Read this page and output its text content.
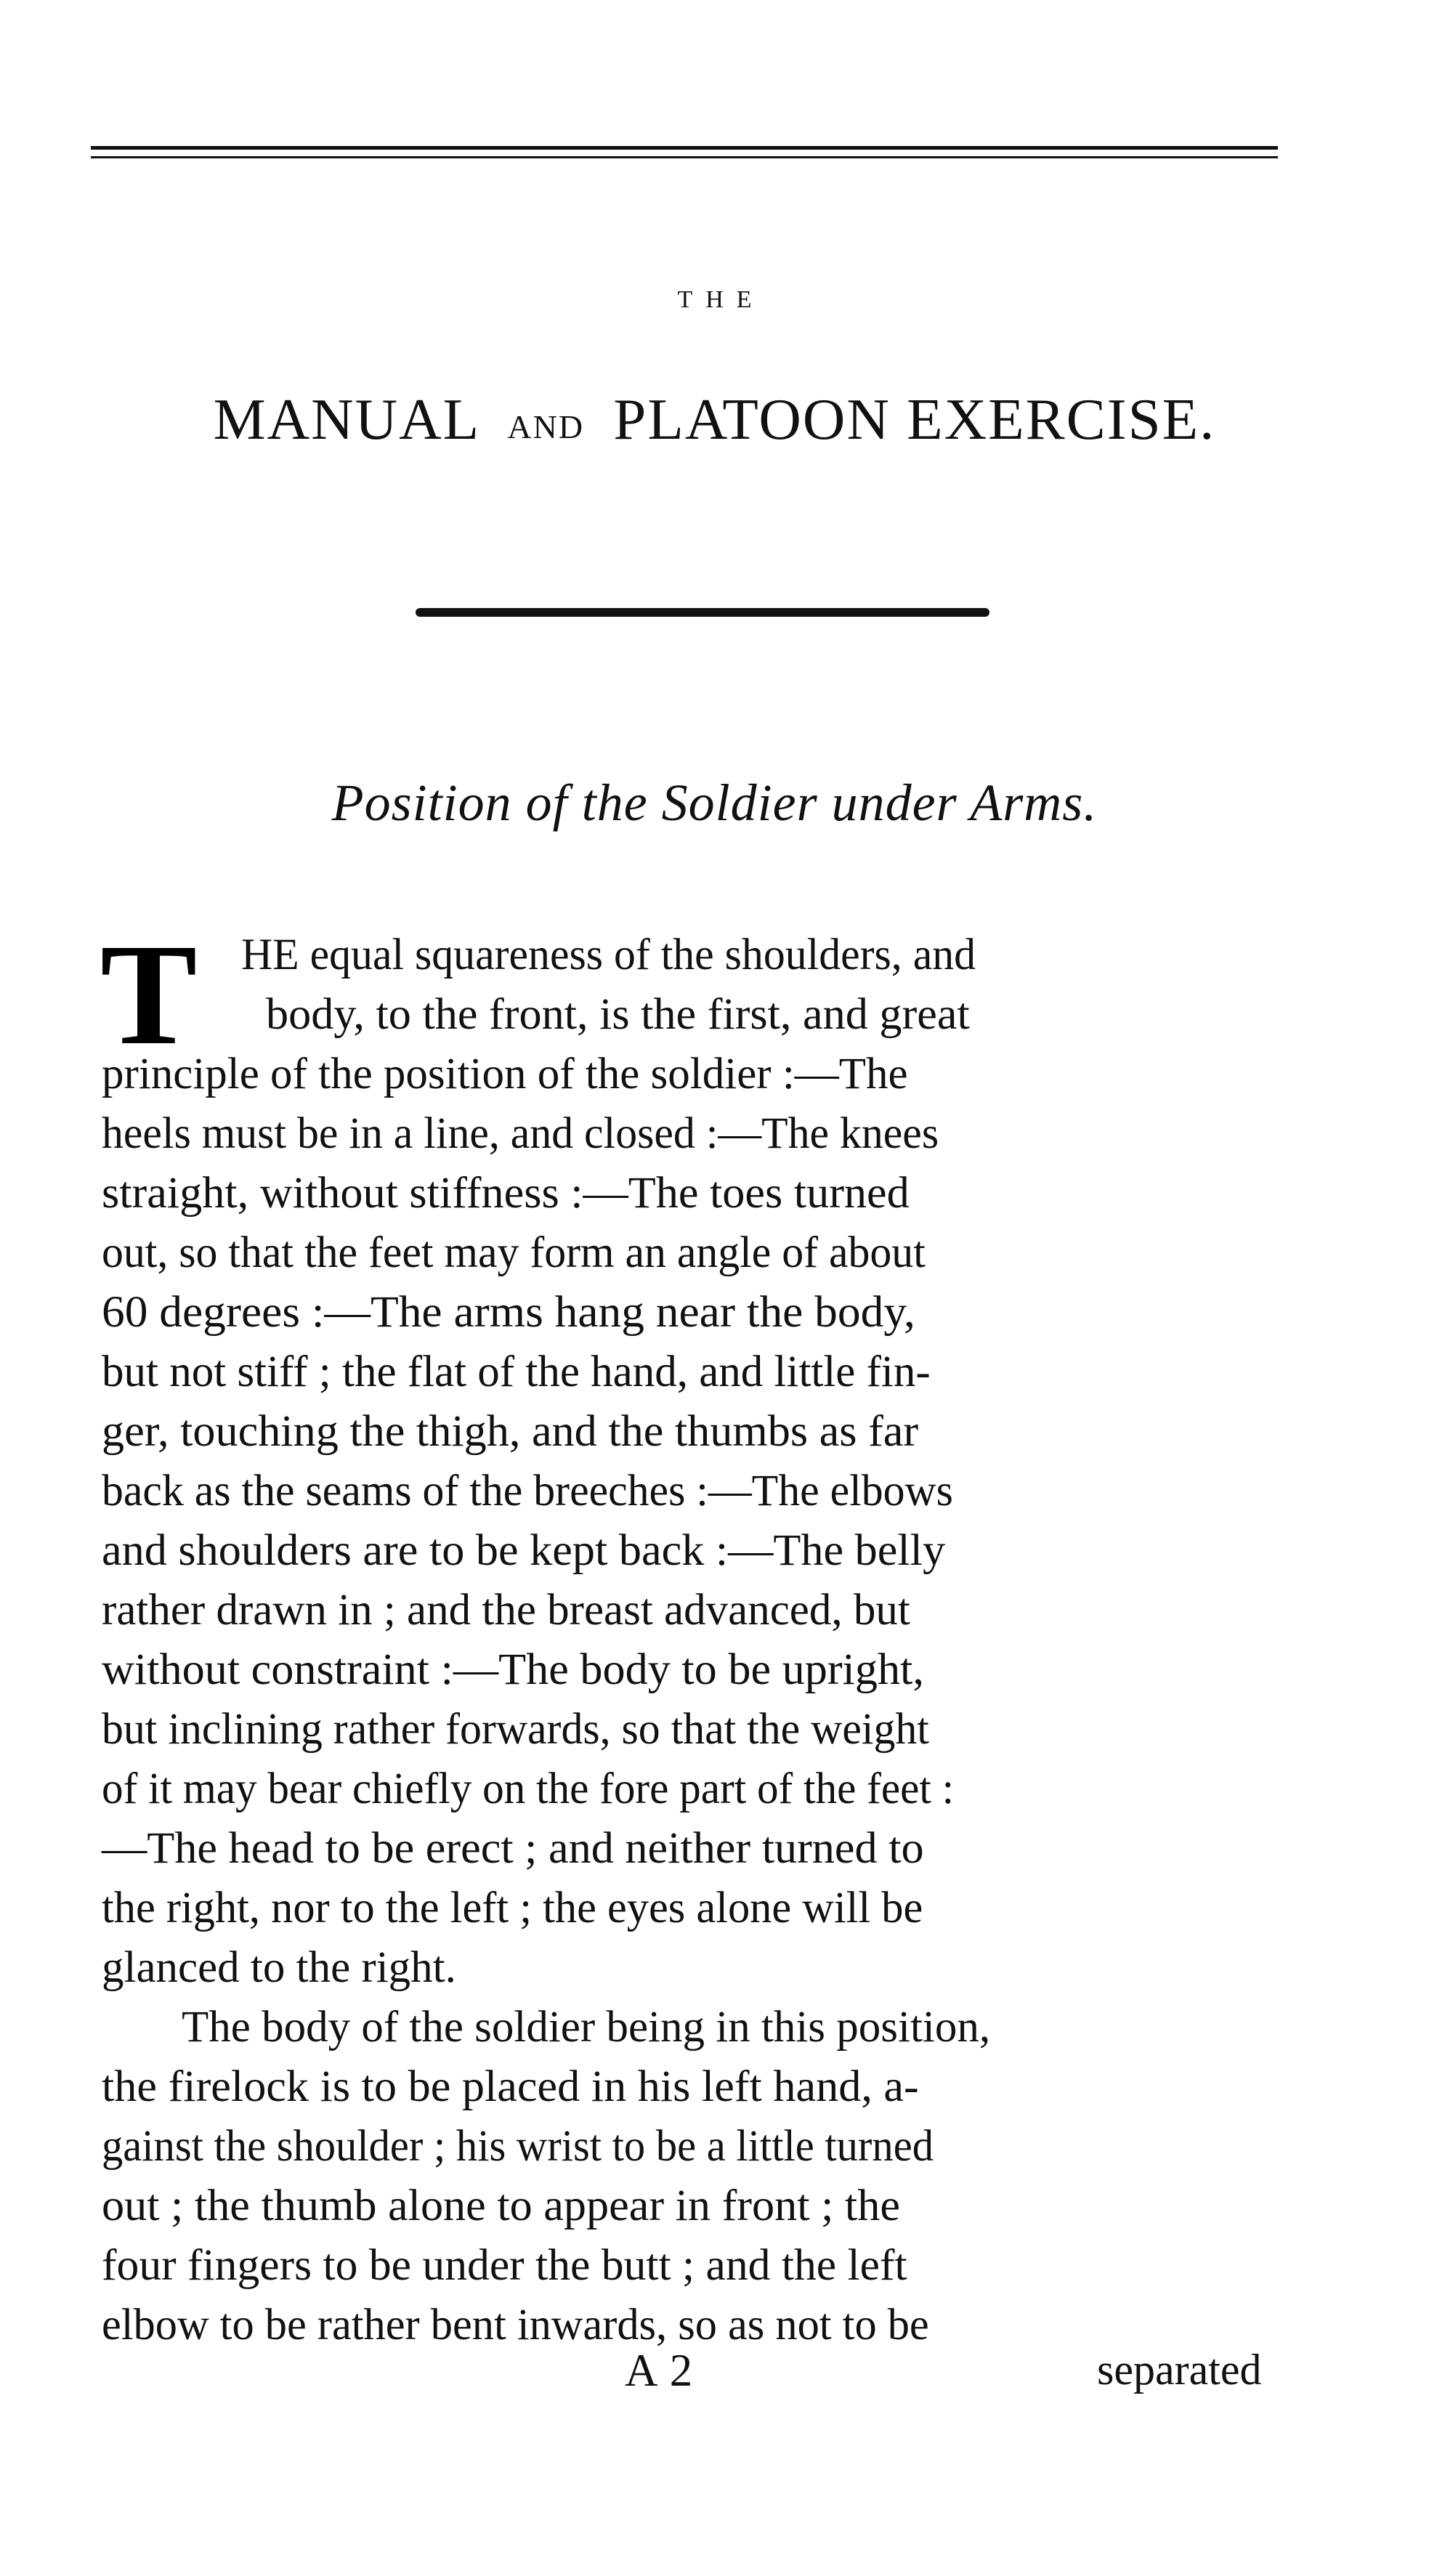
THE
MANUAL AND PLATOON EXERCISE.
Position of the Soldier under Arms.
T HE equal squareness of the shoulders, and
body, to the front, is the first, and great
principle of the position of the soldier :—The
heels must be in a line, and closed :—The knees
straight, without stiffness :—The toes turned
out, so that the feet may form an angle of about
60 degrees :—The arms hang near the body,
but not stiff ; the flat of the hand, and little fin-
ger, touching the thigh, and the thumbs as far
back as the seams of the breeches :—The elbows
and shoulders are to be kept back :—The belly
rather drawn in ; and the breast advanced, but
without constraint :—The body to be upright,
but inclining rather forwards, so that the weight
of it may bear chiefly on the fore part of the feet :
—The head to be erect ; and neither turned to
the right, nor to the left ; the eyes alone will be
glanced to the right.
The body of the soldier being in this position,
the firelock is to be placed in his left hand, a-
gainst the shoulder ; his wrist to be a little turned
out ; the thumb alone to appear in front ; the
four fingers to be under the butt ; and the left
elbow to be rather bent inwards, so as not to be
A 2	separated
